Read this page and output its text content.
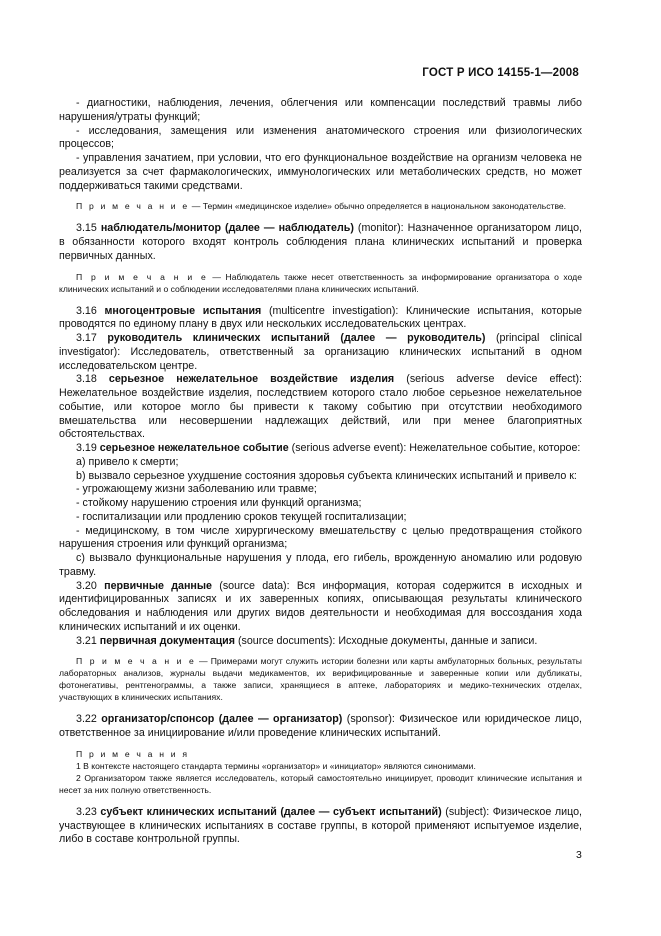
ГОСТ Р ИСО 14155-1—2008

- диагностики, наблюдения, лечения, облегчения или компенсации последствий травмы либо нарушения/утраты функций;

- исследования, замещения или изменения анатомического строения или физиологических процессов;

- управления зачатием, при условии, что его функциональное воздействие на организм человека не реализуется за счет фармакологических, иммунологических или метаболических средств, но может поддерживаться такими средствами.

П р и м е ч а н и е — Термин «медицинское изделие» обычно определяется в национальном законодательстве.

3.15 наблюдатель/монитор (далее — наблюдатель) (monitor): Назначенное организатором лицо, в обязанности которого входят контроль соблюдения плана клинических испытаний и проверка первичных данных.

П р и м е ч а н и е — Наблюдатель также несет ответственность за информирование организатора о ходе клинических испытаний и о соблюдении исследователями плана клинических испытаний.

3.16 многоцентровые испытания (multicentre investigation): Клинические испытания, которые проводятся по единому плану в двух или нескольких исследовательских центрах.

3.17 руководитель клинических испытаний (далее — руководитель) (principal clinical investigator): Исследователь, ответственный за организацию клинических испытаний в одном исследовательском центре.

3.18 серьезное нежелательное воздействие изделия (serious adverse device effect): Нежелательное воздействие изделия, последствием которого стало любое серьезное нежелательное событие, или которое могло бы привести к такому событию при отсутствии необходимого вмешательства или несовершении надлежащих действий, или при менее благоприятных обстоятельствах.

3.19 серьезное нежелательное событие (serious adverse event): Нежелательное событие, которое:

a) привело к смерти;

b) вызвало серьезное ухудшение состояния здоровья субъекта клинических испытаний и привело к:

- угрожающему жизни заболеванию или травме;

- стойкому нарушению строения или функций организма;

- госпитализации или продлению сроков текущей госпитализации;

- медицинскому, в том числе хирургическому вмешательству с целью предотвращения стойкого нарушения строения или функций организма;

c) вызвало функциональные нарушения у плода, его гибель, врожденную аномалию или родовую травму.

3.20 первичные данные (source data): Вся информация, которая содержится в исходных и идентифицированных записях и их заверенных копиях, описывающая результаты клинического обследования и наблюдения или других видов деятельности и необходимая для воссоздания хода клинических испытаний и их оценки.

3.21 первичная документация (source documents): Исходные документы, данные и записи.

П р и м е ч а н и е — Примерами могут служить истории болезни или карты амбулаторных больных, результаты лабораторных анализов, журналы выдачи медикаментов, их верифицированные и заверенные копии или дубликаты, фотонегативы, рентгенограммы, а также записи, хранящиеся в аптеке, лабораториях и медико-технических отделах, участвующих в клинических испытаниях.

3.22 организатор/спонсор (далее — организатор) (sponsor): Физическое или юридическое лицо, ответственное за инициирование и/или проведение клинических испытаний.

П р и м е ч а н и я

1 В контексте настоящего стандарта термины «организатор» и «инициатор» являются синонимами.

2 Организатором также является исследователь, который самостоятельно инициирует, проводит клинические испытания и несет за них полную ответственность.

3.23 субъект клинических испытаний (далее — субъект испытаний) (subject): Физическое лицо, участвующее в клинических испытаниях в составе группы, в которой применяют испытуемое изделие, либо в составе контрольной группы.

3
